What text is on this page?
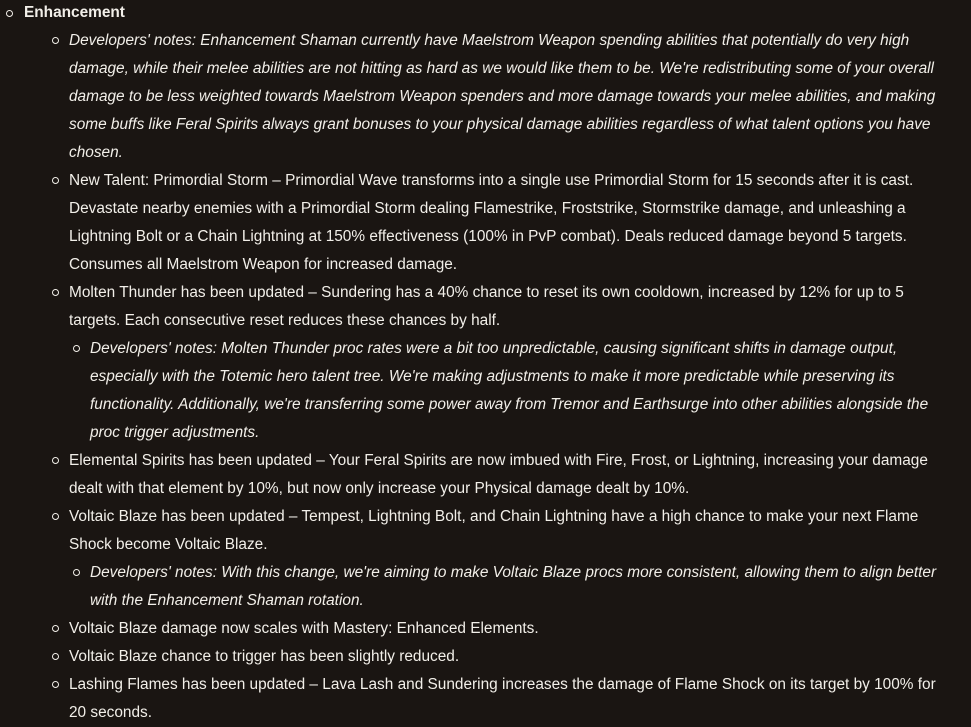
Enhancement
Developers' notes: Enhancement Shaman currently have Maelstrom Weapon spending abilities that potentially do very high damage, while their melee abilities are not hitting as hard as we would like them to be. We're redistributing some of your overall damage to be less weighted towards Maelstrom Weapon spenders and more damage towards your melee abilities, and making some buffs like Feral Spirits always grant bonuses to your physical damage abilities regardless of what talent options you have chosen.
New Talent: Primordial Storm – Primordial Wave transforms into a single use Primordial Storm for 15 seconds after it is cast. Devastate nearby enemies with a Primordial Storm dealing Flamestrike, Froststrike, Stormstrike damage, and unleashing a Lightning Bolt or a Chain Lightning at 150% effectiveness (100% in PvP combat). Deals reduced damage beyond 5 targets. Consumes all Maelstrom Weapon for increased damage.
Molten Thunder has been updated – Sundering has a 40% chance to reset its own cooldown, increased by 12% for up to 5 targets. Each consecutive reset reduces these chances by half.
Developers' notes: Molten Thunder proc rates were a bit too unpredictable, causing significant shifts in damage output, especially with the Totemic hero talent tree. We're making adjustments to make it more predictable while preserving its functionality. Additionally, we're transferring some power away from Tremor and Earthsurge into other abilities alongside the proc trigger adjustments.
Elemental Spirits has been updated – Your Feral Spirits are now imbued with Fire, Frost, or Lightning, increasing your damage dealt with that element by 10%, but now only increase your Physical damage dealt by 10%.
Voltaic Blaze has been updated – Tempest, Lightning Bolt, and Chain Lightning have a high chance to make your next Flame Shock become Voltaic Blaze.
Developers' notes: With this change, we're aiming to make Voltaic Blaze procs more consistent, allowing them to align better with the Enhancement Shaman rotation.
Voltaic Blaze damage now scales with Mastery: Enhanced Elements.
Voltaic Blaze chance to trigger has been slightly reduced.
Lashing Flames has been updated – Lava Lash and Sundering increases the damage of Flame Shock on its target by 100% for 20 seconds.
